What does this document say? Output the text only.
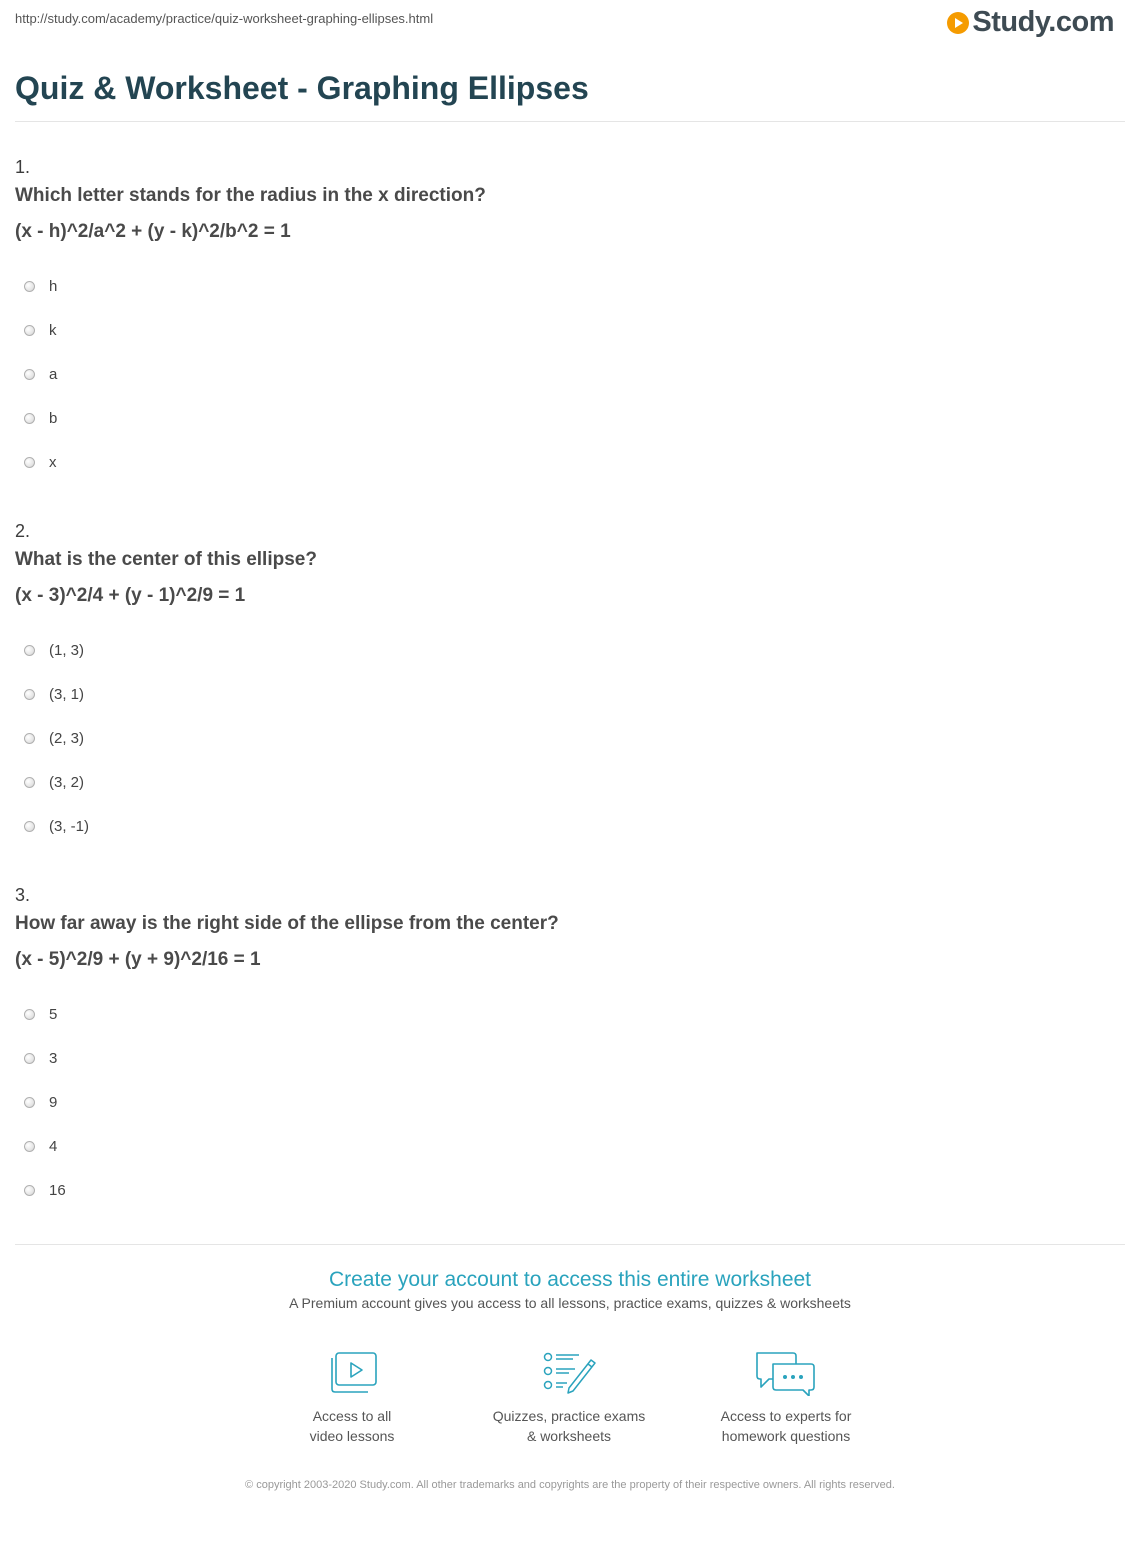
http://study.com/academy/practice/quiz-worksheet-graphing-ellipses.html	Study.com
Quiz & Worksheet - Graphing Ellipses
1.
Which letter stands for the radius in the x direction?
(x - h)^2/a^2 + (y - k)^2/b^2 = 1
h
k
a
b
x
2.
What is the center of this ellipse?
(x - 3)^2/4 + (y - 1)^2/9 = 1
(1, 3)
(3, 1)
(2, 3)
(3, 2)
(3, -1)
3.
How far away is the right side of the ellipse from the center?
(x - 5)^2/9 + (y + 9)^2/16 = 1
5
3
9
4
16
Create your account to access this entire worksheet
A Premium account gives you access to all lessons, practice exams, quizzes & worksheets
Access to all
video lessons
Quizzes, practice exams
& worksheets
Access to experts for
homework questions
© copyright 2003-2020 Study.com. All other trademarks and copyrights are the property of their respective owners. All rights reserved.
